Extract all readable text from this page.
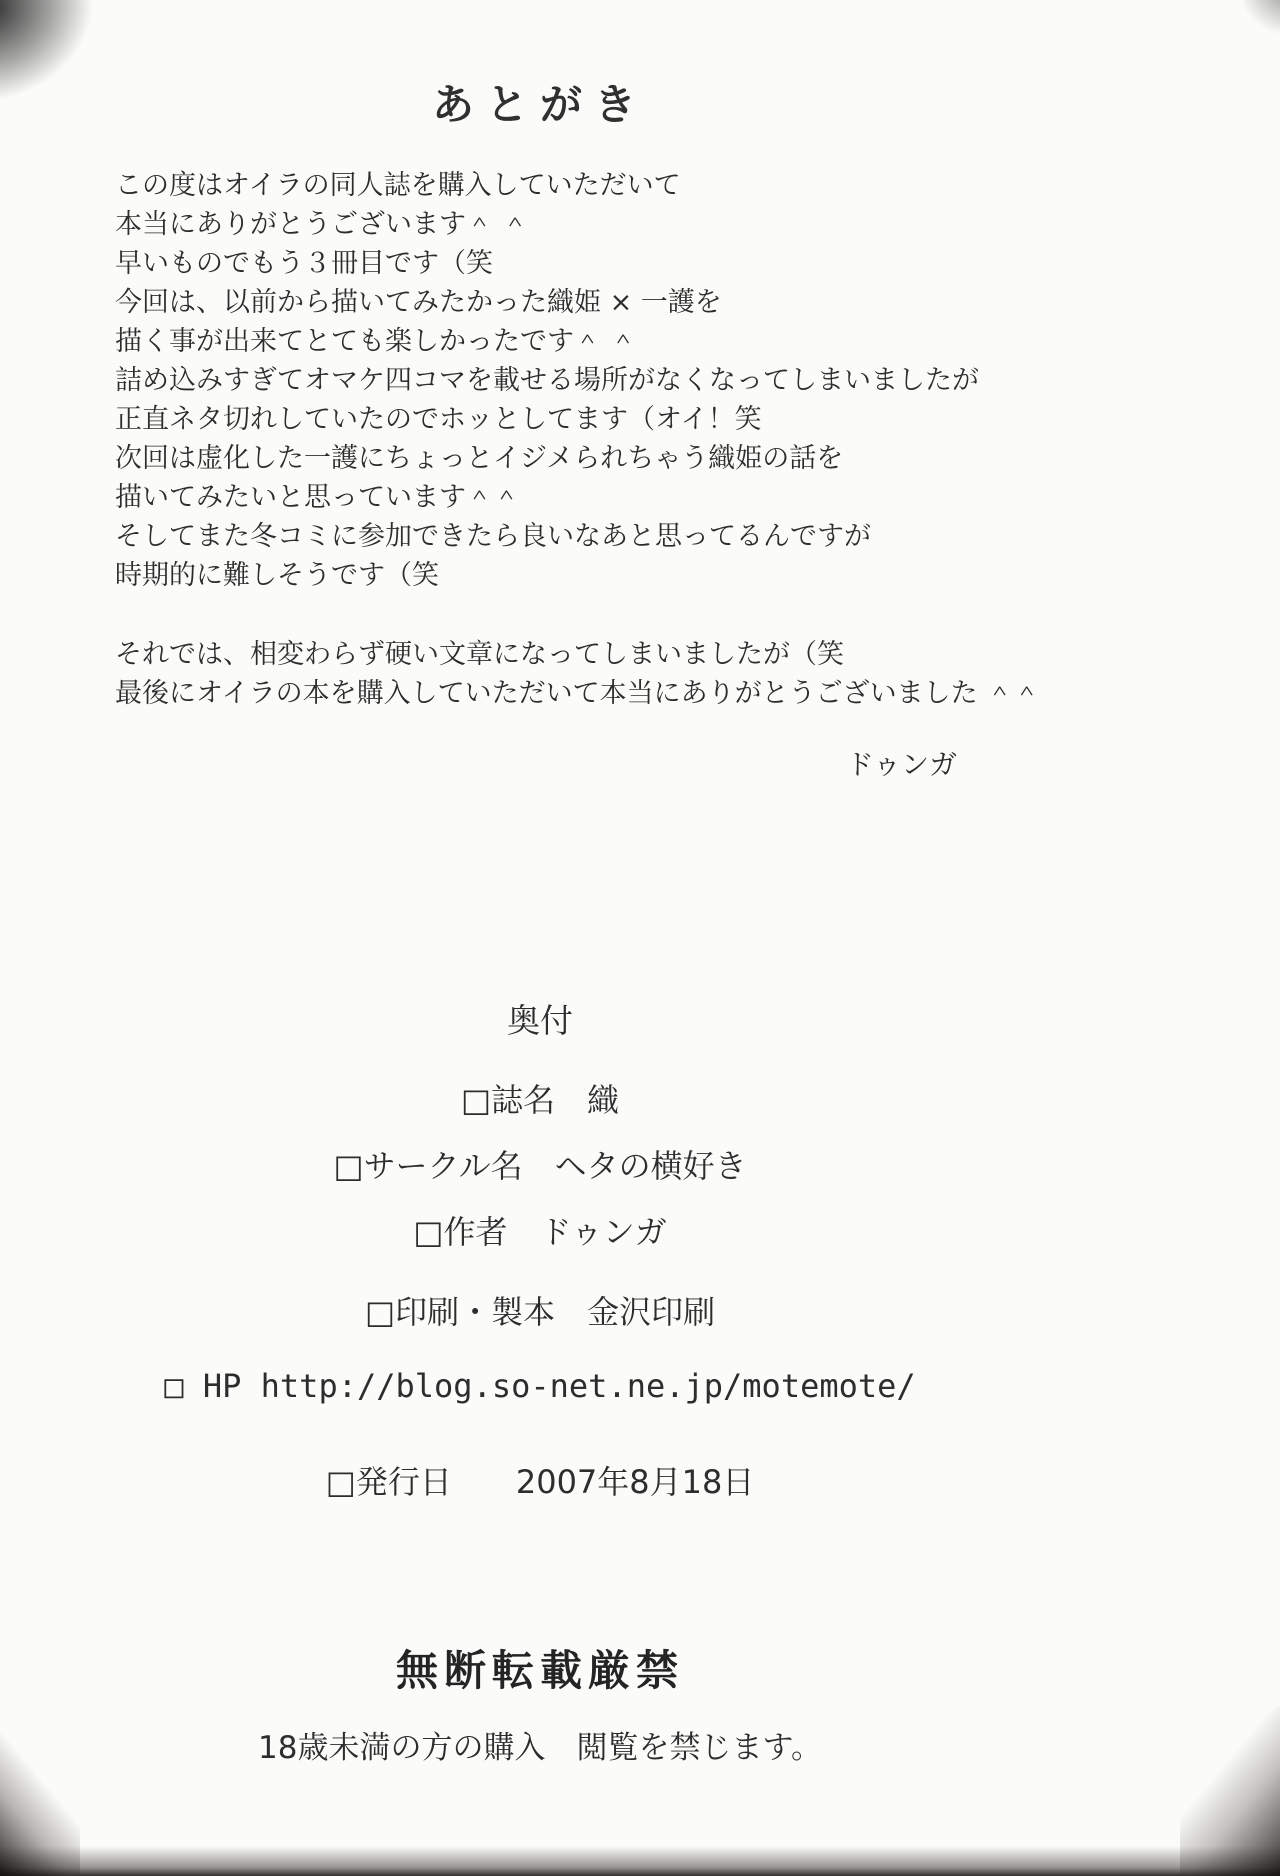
あとがき
この度はオイラの同人誌を購入していただいて
本当にありがとうございます＾ ＾
早いものでもう３冊目です（笑
今回は、以前から描いてみたかった織姫 × 一護を
描く事が出来てとても楽しかったです＾ ＾
詰め込みすぎてオマケ四コマを載せる場所がなくなってしまいましたが
正直ネタ切れしていたのでホッとしてます（オイ！笑
次回は虚化した一護にちょっとイジメられちゃう織姫の話を
描いてみたいと思っています＾＾
そしてまた冬コミに参加できたら良いなあと思ってるんですが
時期的に難しそうです（笑
それでは、相変わらず硬い文章になってしまいましたが（笑
最後にオイラの本を購入していただいて本当にありがとうございました ＾＾
ドゥンガ
奥付
□誌名　織
□サークル名　ヘタの横好き
□作者　ドゥンガ
□印刷・製本　金沢印刷
□ HP http://blog.so-net.ne.jp/motemote/
□発行日　　2007年8月18日
無断転載厳禁
18歳未満の方の購入　閲覧を禁じます。
